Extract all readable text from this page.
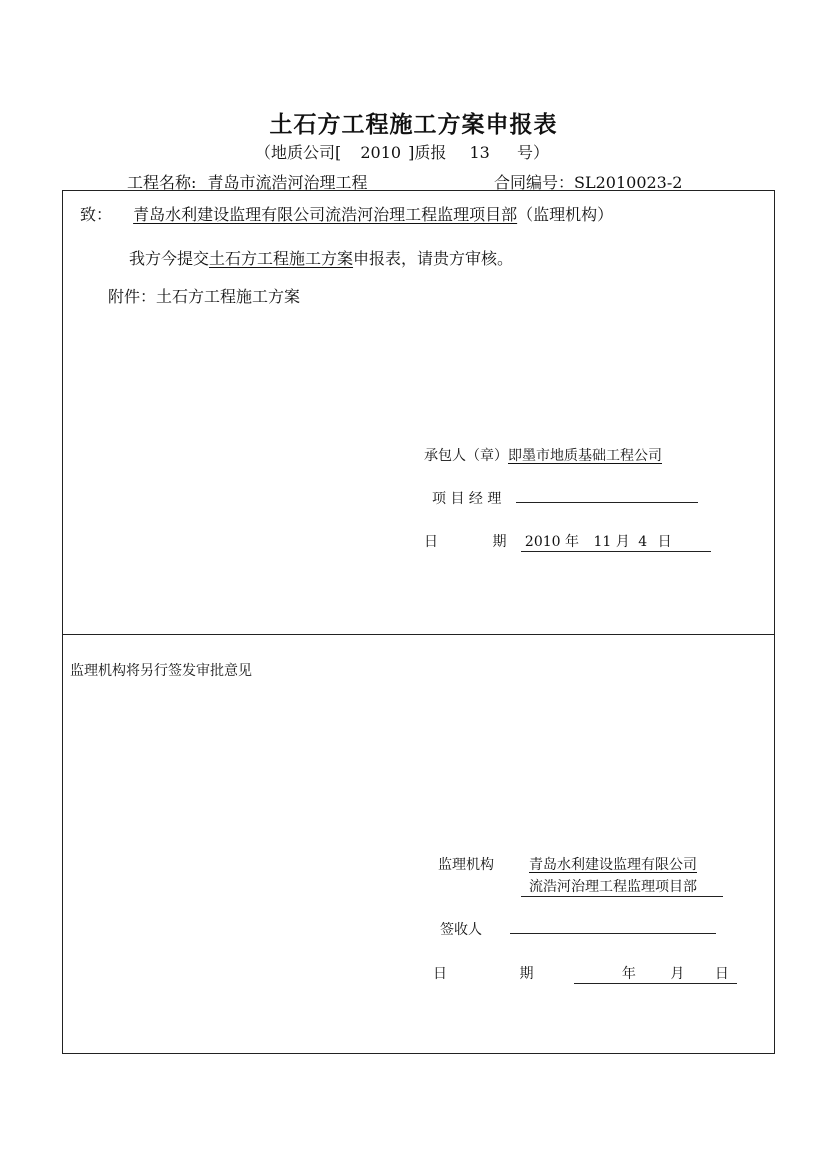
土石方工程施工方案申报表
（地质公司[ 2010 ]质报 13 号）
工程名称: 青岛市流浩河治理工程	合同编号：SL2010023-2
致： 青岛水利建设监理有限公司流浩河治理工程监理项目部（监理机构）
我方今提交土石方工程施工方案申报表，请贵方审核。
附件：土石方工程施工方案
承包人（章）即墨市地质基础工程公司
项 目 经 理
日	期 2010 年 11 月 4 日
监理机构将另行签发审批意见
监理机构	青岛水利建设监理有限公司
流浩河治理工程监理项目部
签收人
日	期	年 月 日
